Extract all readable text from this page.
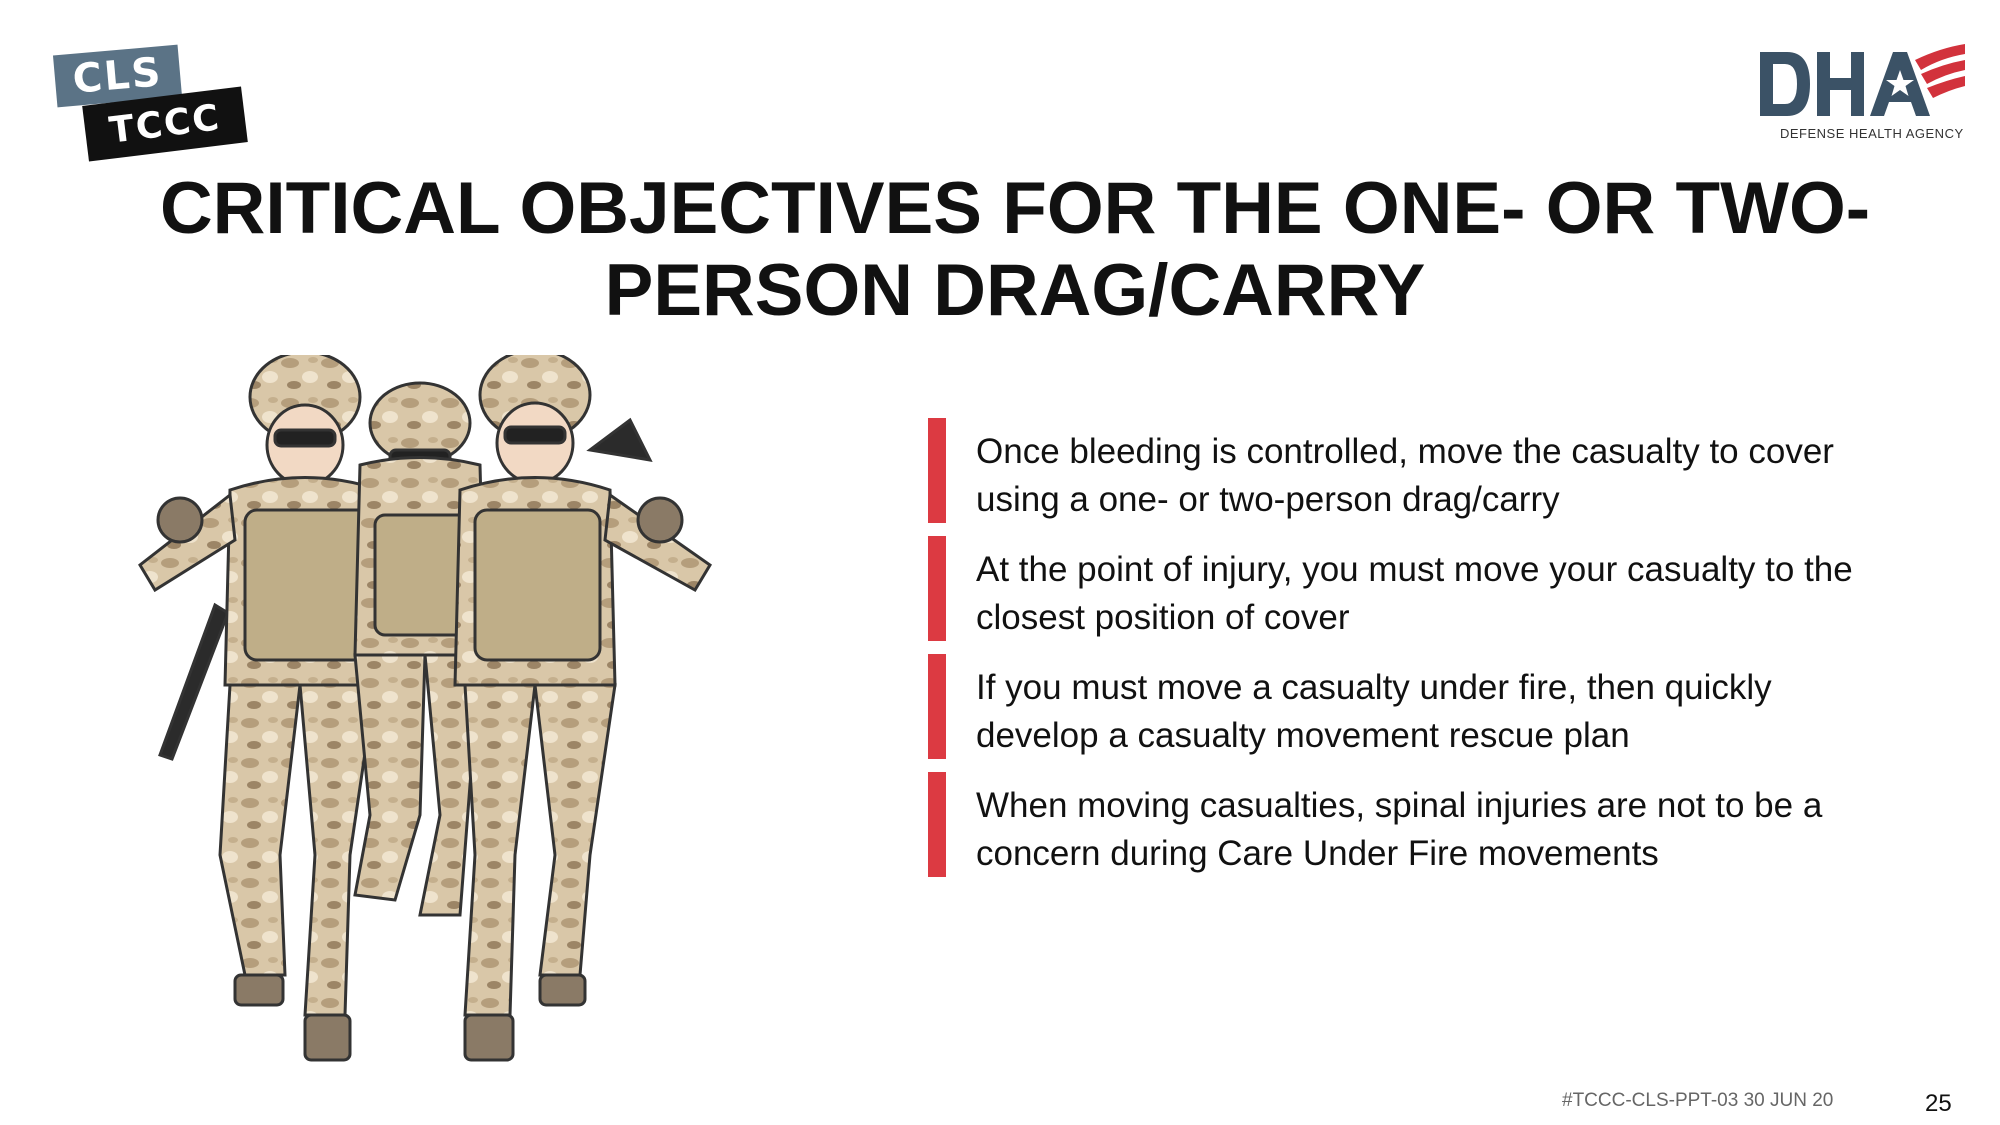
CLS
TCCC	DEFENSE HEALTH AGENCY
CRITICAL OBJECTIVES FOR THE ONE- OR TWO-PERSON DRAG/CARRY
Once bleeding is controlled, move the casualty to cover using a one- or two-person drag/carry
At the point of injury, you must move your casualty to the closest position of cover
If you must move a casualty under fire, then quickly develop a casualty movement rescue plan
When moving casualties, spinal injuries are not to be a concern during Care Under Fire movements
#TCCC-CLS-PPT-03 30 JUN 20	25
